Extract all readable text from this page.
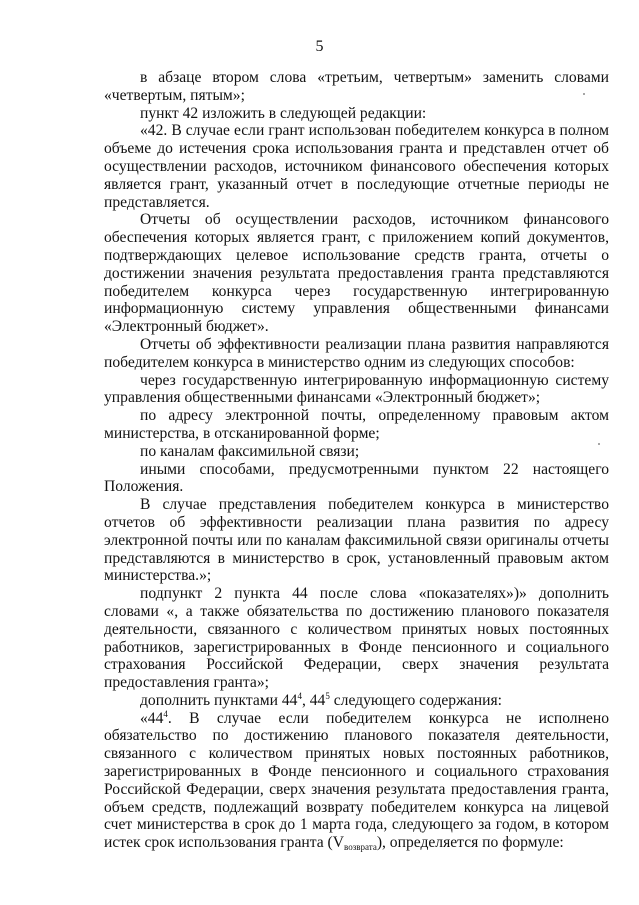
5

в абзаце втором слова «третьим, четвертым» заменить словами «четвертым, пятым»;

пункт 42 изложить в следующей редакции:

«42. В случае если грант использован победителем конкурса в полном объеме до истечения срока использования гранта и представлен отчет об осуществлении расходов, источником финансового обеспечения которых является грант, указанный отчет в последующие отчетные периоды не представляется.

Отчеты об осуществлении расходов, источником финансового обеспечения которых является грант, с приложением копий документов, подтверждающих целевое использование средств гранта, отчеты о достижении значения результата предоставления гранта представляются победителем конкурса через государственную интегрированную информационную систему управления общественными финансами «Электронный бюджет».

Отчеты об эффективности реализации плана развития направляются победителем конкурса в министерство одним из следующих способов:

через государственную интегрированную информационную систему управления общественными финансами «Электронный бюджет»;

по адресу электронной почты, определенному правовым актом министерства, в отсканированной форме;

по каналам факсимильной связи;

иными способами, предусмотренными пунктом 22 настоящего Положения.

В случае представления победителем конкурса в министерство отчетов об эффективности реализации плана развития по адресу электронной почты или по каналам факсимильной связи оригиналы отчеты представляются в министерство в срок, установленный правовым актом министерства.»;

подпункт 2 пункта 44 после слова «показателях»)» дополнить словами «, а также обязательства по достижению планового показателя деятельности, связанного с количеством принятых новых постоянных работников, зарегистрированных в Фонде пенсионного и социального страхования Российской Федерации, сверх значения результата предоставления гранта»;

дополнить пунктами $44^4$, $44^5$ следующего содержания:

«$44^4$. В случае если победителем конкурса не исполнено обязательство по достижению планового показателя деятельности, связанного с количеством принятых новых постоянных работников, зарегистрированных в Фонде пенсионного и социального страхования Российской Федерации, сверх значения результата предоставления гранта, объем средств, подлежащий возврату победителем конкурса на лицевой счет министерства в срок до 1 марта года, следующего за годом, в котором истек срок использования гранта $(V_{возврата})$, определяется по формуле:
